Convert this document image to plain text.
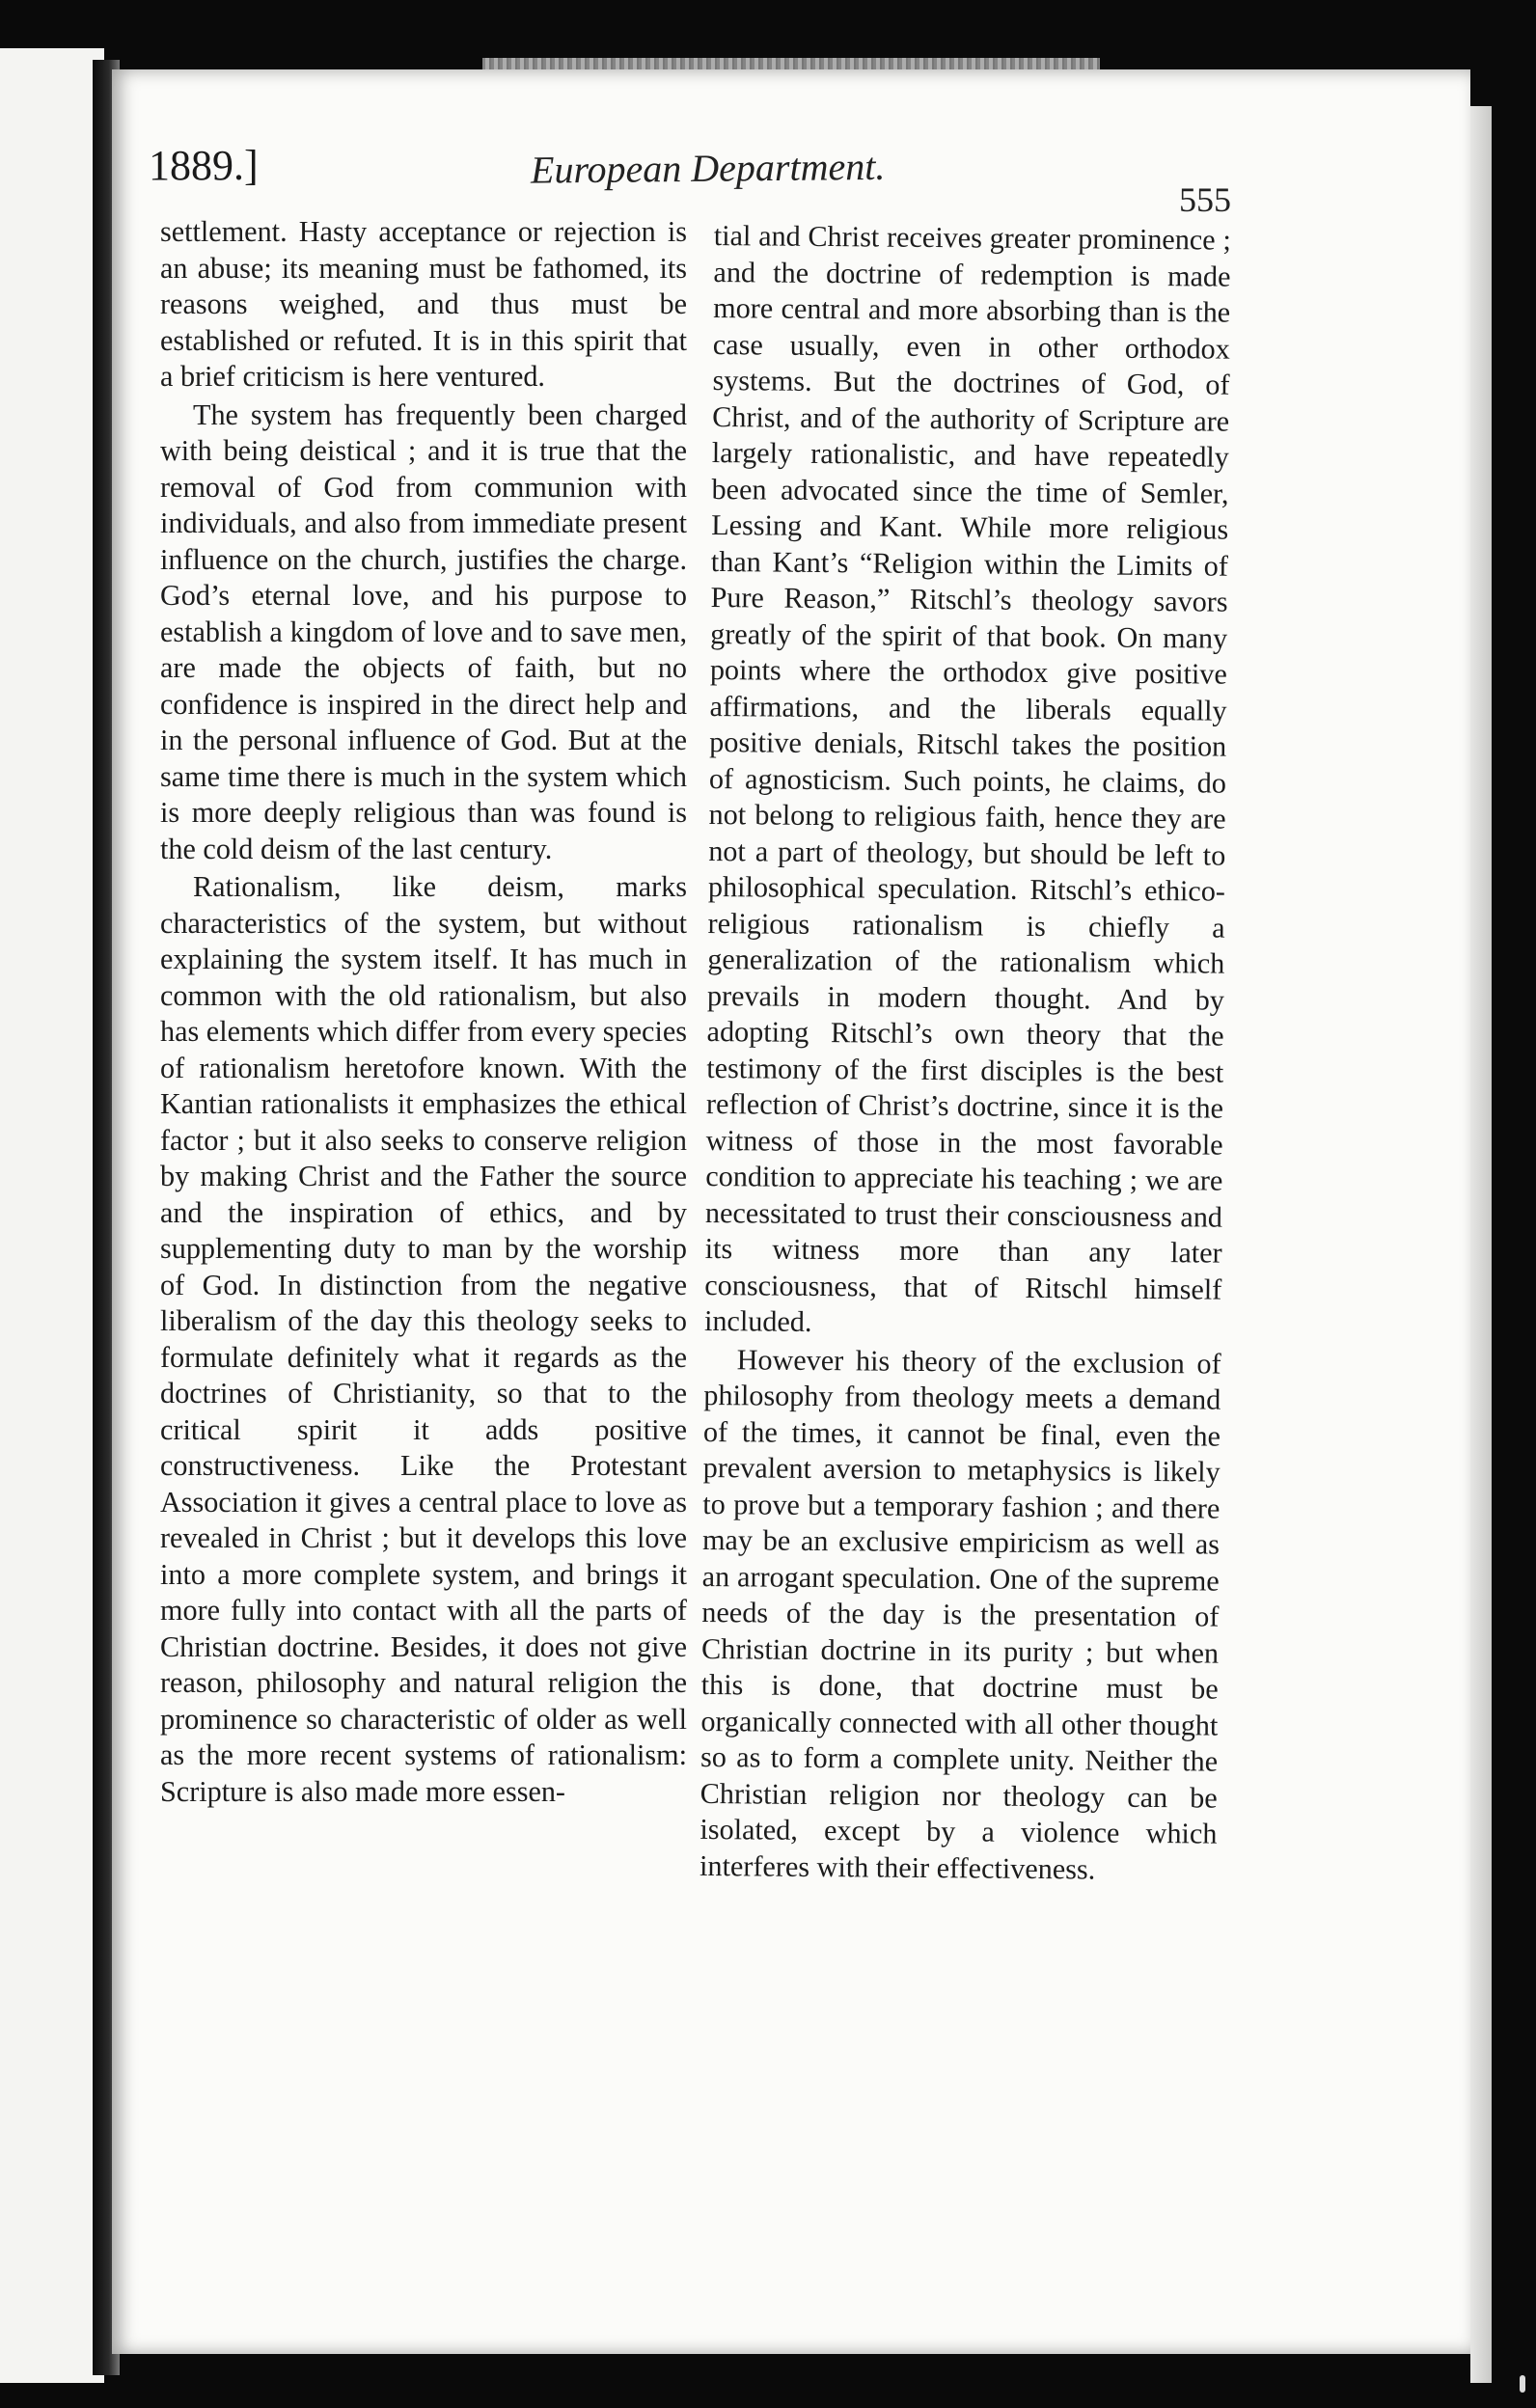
1889.]	European Department.
555

settlement. Hasty acceptance or rejection is an abuse; its meaning must be fathomed, its reasons weighed, and thus must be established or refuted. It is in this spirit that a brief criticism is here ventured.

The system has frequently been charged with being deistical ; and it is true that the removal of God from communion with individuals, and also from immediate present influence on the church, justifies the charge. God’s eternal love, and his purpose to establish a kingdom of love and to save men, are made the objects of faith, but no confidence is inspired in the direct help and in the personal influence of God. But at the same time there is much in the system which is more deeply religious than was found is the cold deism of the last century.

Rationalism, like deism, marks characteristics of the system, but without explaining the system itself. It has much in common with the old rationalism, but also has elements which differ from every species of rationalism heretofore known. With the Kantian rationalists it emphasizes the ethical factor ; but it also seeks to conserve religion by making Christ and the Father the source and the inspiration of ethics, and by supplementing duty to man by the worship of God. In distinction from the negative liberalism of the day this theology seeks to formulate definitely what it regards as the doctrines of Christianity, so that to the critical spirit it adds positive constructiveness. Like the Protestant Association it gives a central place to love as revealed in Christ ; but it develops this love into a more complete system, and brings it more fully into contact with all the parts of Christian doctrine. Besides, it does not give reason, philosophy and natural religion the prominence so characteristic of older as well as the more recent systems of rationalism: Scripture is also made more essen-

tial and Christ receives greater prominence ; and the doctrine of redemption is made more central and more absorbing than is the case usually, even in other orthodox systems. But the doctrines of God, of Christ, and of the authority of Scripture are largely rationalistic, and have repeatedly been advocated since the time of Semler, Lessing and Kant. While more religious than Kant’s “Religion within the Limits of Pure Reason,” Ritschl’s theology savors greatly of the spirit of that book. On many points where the orthodox give positive affirmations, and the liberals equally positive denials, Ritschl takes the position of agnosticism. Such points, he claims, do not belong to religious faith, hence they are not a part of theology, but should be left to philosophical speculation. Ritschl’s ethico-religious rationalism is chiefly a generalization of the rationalism which prevails in modern thought. And by adopting Ritschl’s own theory that the testimony of the first disciples is the best reflection of Christ’s doctrine, since it is the witness of those in the most favorable condition to appreciate his teaching ; we are necessitated to trust their consciousness and its witness more than any later consciousness, that of Ritschl himself included.

However his theory of the exclusion of philosophy from theology meets a demand of the times, it cannot be final, even the prevalent aversion to metaphysics is likely to prove but a temporary fashion ; and there may be an exclusive empiricism as well as an arrogant speculation. One of the supreme needs of the day is the presentation of Christian doctrine in its purity ; but when this is done, that doctrine must be organically connected with all other thought so as to form a complete unity. Neither the Christian religion nor theology can be isolated, except by a violence which interferes with their effectiveness.
